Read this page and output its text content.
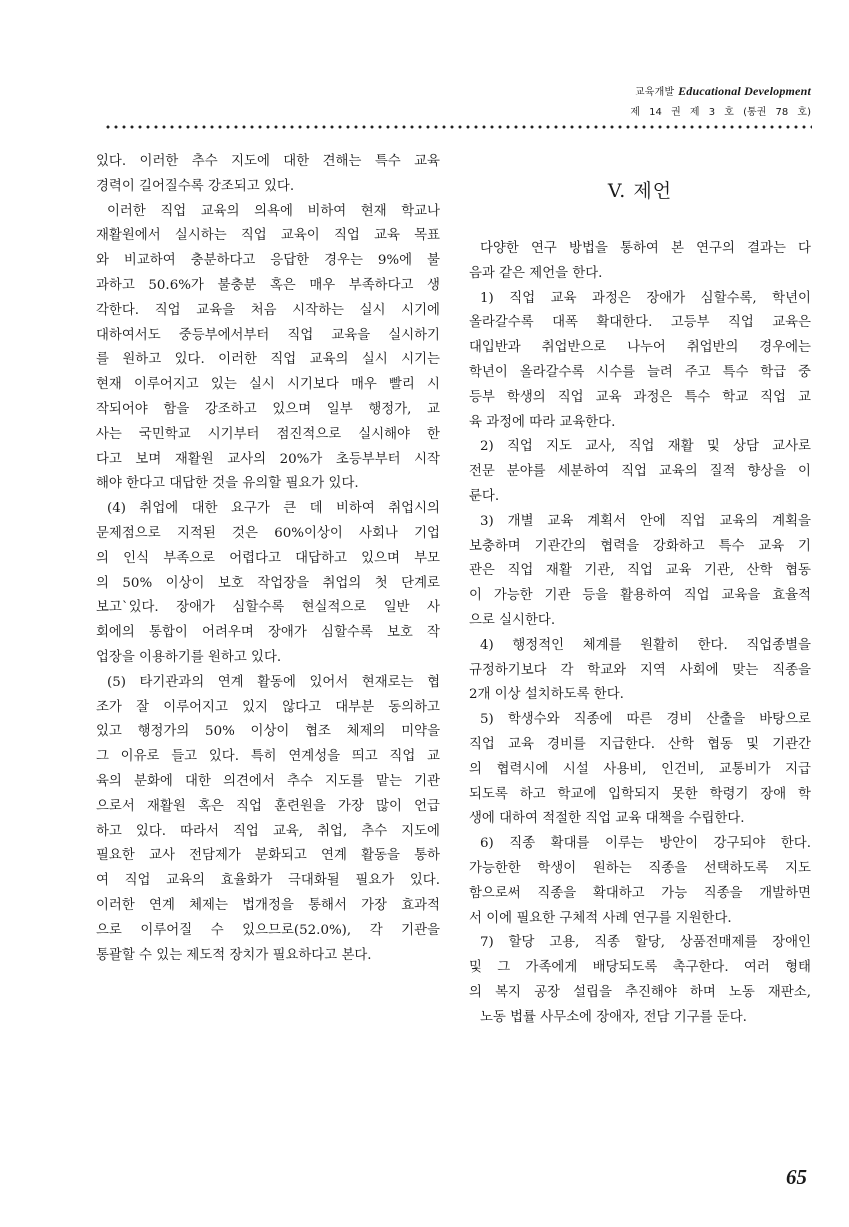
교육개발 Educational Development
제 14 권 제 3 호 (통권 78 호)

있다. 이러한 추수 지도에 대한 견해는 특수 교육

경력이 길어질수록 강조되고 있다.

이러한 직업 교육의 의욕에 비하여 현재 학교나

재활원에서 실시하는 직업 교육이 직업 교육 목표

와 비교하여 충분하다고 응답한 경우는 9%에 불

과하고 50.6%가 불충분 혹은 매우 부족하다고 생

각한다. 직업 교육을 처음 시작하는 실시 시기에

대하여서도 중등부에서부터 직업 교육을 실시하기

를 원하고 있다. 이러한 직업 교육의 실시 시기는

현재 이루어지고 있는 실시 시기보다 매우 빨리 시

작되어야 함을 강조하고 있으며 일부 행정가, 교

사는 국민학교 시기부터 점진적으로 실시해야 한

다고 보며 재활원 교사의 20%가 초등부부터 시작

해야 한다고 대답한 것을 유의할 필요가 있다.

(4) 취업에 대한 요구가 큰 데 비하여 취업시의

문제점으로 지적된 것은 60%이상이 사회나 기업

의 인식 부족으로 어렵다고 대답하고 있으며 부모

의 50% 이상이 보호 작업장을 취업의 첫 단계로

보고`있다. 장애가 심할수록 현실적으로 일반 사

회에의 통합이 어려우며 장애가 심할수록 보호 작

업장을 이용하기를 원하고 있다.

(5) 타기관과의 연계 활동에 있어서 현재로는 협

조가 잘 이루어지고 있지 않다고 대부분 동의하고

있고 행정가의 50% 이상이 협조 체제의 미약을

그 이유로 들고 있다. 특히 연계성을 띄고 직업 교

육의 분화에 대한 의견에서 추수 지도를 맡는 기관

으로서 재활원 혹은 직업 훈련원을 가장 많이 언급

하고 있다. 따라서 직업 교육, 취업, 추수 지도에

필요한 교사 전담제가 분화되고 연계 활동을 통하

여 직업 교육의 효율화가 극대화될 필요가 있다.

이러한 연계 체제는 법개정을 통해서 가장 효과적

으로 이루어질 수 있으므로(52.0%), 각 기관을

통괄할 수 있는 제도적 장치가 필요하다고 본다.

V. 제언

다양한 연구 방법을 통하여 본 연구의 결과는 다

음과 같은 제언을 한다.

1) 직업 교육 과정은 장애가 심할수록, 학년이

올라갈수록 대폭 확대한다. 고등부 직업 교육은

대입반과 취업반으로 나누어 취업반의 경우에는

학년이 올라갈수록 시수를 늘려 주고 특수 학급 중

등부 학생의 직업 교육 과정은 특수 학교 직업 교

육 과정에 따라 교육한다.

2) 직업 지도 교사, 직업 재활 및 상담 교사로

전문 분야를 세분하여 직업 교육의 질적 향상을 이

룬다.

3) 개별 교육 계획서 안에 직업 교육의 계획을

보충하며 기관간의 협력을 강화하고 특수 교육 기

관은 직업 재활 기관, 직업 교육 기관, 산학 협동

이 가능한 기관 등을 활용하여 직업 교육을 효율적

으로 실시한다.

4) 행정적인 체계를 원활히 한다. 직업종별을

규정하기보다 각 학교와 지역 사회에 맞는 직종을

2개 이상 설치하도록 한다.

5) 학생수와 직종에 따른 경비 산출을 바탕으로

직업 교육 경비를 지급한다. 산학 협동 및 기관간

의 협력시에 시설 사용비, 인건비, 교통비가 지급

되도록 하고 학교에 입학되지 못한 학령기 장애 학

생에 대하여 적절한 직업 교육 대책을 수립한다.

6) 직종 확대를 이루는 방안이 강구되야 한다.

가능한한 학생이 원하는 직종을 선택하도록 지도

함으로써 직종을 확대하고 가능 직종을 개발하면

서 이에 필요한 구체적 사례 연구를 지원한다.

7) 할당 고용, 직종 할당, 상품전매제를 장애인

및 그 가족에게 배당되도록 촉구한다. 여러 형태

의 복지 공장 설립을 추진해야 하며 노동 재판소,

노동 법률 사무소에 장애자, 전담 기구를 둔다.

65
